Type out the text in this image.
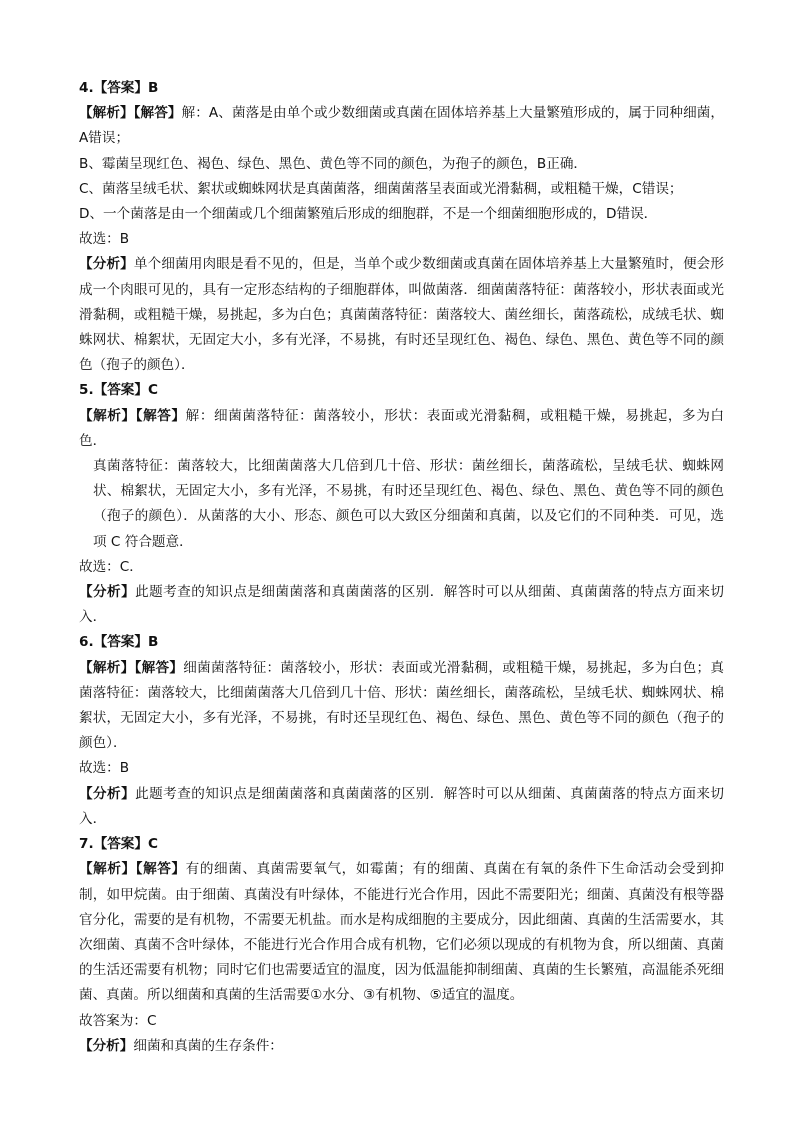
4.【答案】B

【解析】【解答】解：A、菌落是由单个或少数细菌或真菌在固体培养基上大量繁殖形成的，属于同种细菌，A错误；

B、霉菌呈现红色、褐色、绿色、黑色、黄色等不同的颜色，为孢子的颜色，B正确．

C、菌落呈绒毛状、絮状或蜘蛛网状是真菌菌落，细菌菌落呈表面或光滑黏稠，或粗糙干燥，C错误；

D、一个菌落是由一个细菌或几个细菌繁殖后形成的细胞群，不是一个细菌细胞形成的，D错误．

故选：B

【分析】单个细菌用肉眼是看不见的，但是，当单个或少数细菌或真菌在固体培养基上大量繁殖时，便会形成一个肉眼可见的，具有一定形态结构的子细胞群体，叫做菌落．细菌菌落特征：菌落较小，形状表面或光滑黏稠，或粗糙干燥，易挑起，多为白色；真菌菌落特征：菌落较大、菌丝细长，菌落疏松，成绒毛状、蜘蛛网状、棉絮状，无固定大小，多有光泽，不易挑，有时还呈现红色、褐色、绿色、黑色、黄色等不同的颜色（孢子的颜色）．

5.【答案】C

【解析】【解答】解：细菌菌落特征：菌落较小，形状：表面或光滑黏稠，或粗糙干燥，易挑起，多为白色．

真菌落特征：菌落较大，比细菌菌落大几倍到几十倍、形状：菌丝细长，菌落疏松，呈绒毛状、蜘蛛网状、棉絮状，无固定大小，多有光泽，不易挑，有时还呈现红色、褐色、绿色、黑色、黄色等不同的颜色（孢子的颜色）．从菌落的大小、形态、颜色可以大致区分细菌和真菌，以及它们的不同种类．可见，选项 C 符合题意．

故选：C．

【分析】此题考查的知识点是细菌菌落和真菌菌落的区别．解答时可以从细菌、真菌菌落的特点方面来切入．

6.【答案】B

【解析】【解答】细菌菌落特征：菌落较小，形状：表面或光滑黏稠，或粗糙干燥，易挑起，多为白色；真菌落特征：菌落较大，比细菌菌落大几倍到几十倍、形状：菌丝细长，菌落疏松，呈绒毛状、蜘蛛网状、棉絮状，无固定大小，多有光泽，不易挑，有时还呈现红色、褐色、绿色、黑色、黄色等不同的颜色（孢子的颜色）．

故选：B

【分析】此题考查的知识点是细菌菌落和真菌菌落的区别．解答时可以从细菌、真菌菌落的特点方面来切入．

7.【答案】C

【解析】【解答】有的细菌、真菌需要氧气，如霉菌；有的细菌、真菌在有氧的条件下生命活动会受到抑制，如甲烷菌。由于细菌、真菌没有叶绿体，不能进行光合作用，因此不需要阳光；细菌、真菌没有根等器官分化，需要的是有机物，不需要无机盐。而水是构成细胞的主要成分，因此细菌、真菌的生活需要水，其次细菌、真菌不含叶绿体，不能进行光合作用合成有机物，它们必须以现成的有机物为食，所以细菌、真菌的生活还需要有机物；同时它们也需要适宜的温度，因为低温能抑制细菌、真菌的生长繁殖，高温能杀死细菌、真菌。所以细菌和真菌的生活需要①水分、③有机物、⑤适宜的温度。

故答案为：C

【分析】细菌和真菌的生存条件：
